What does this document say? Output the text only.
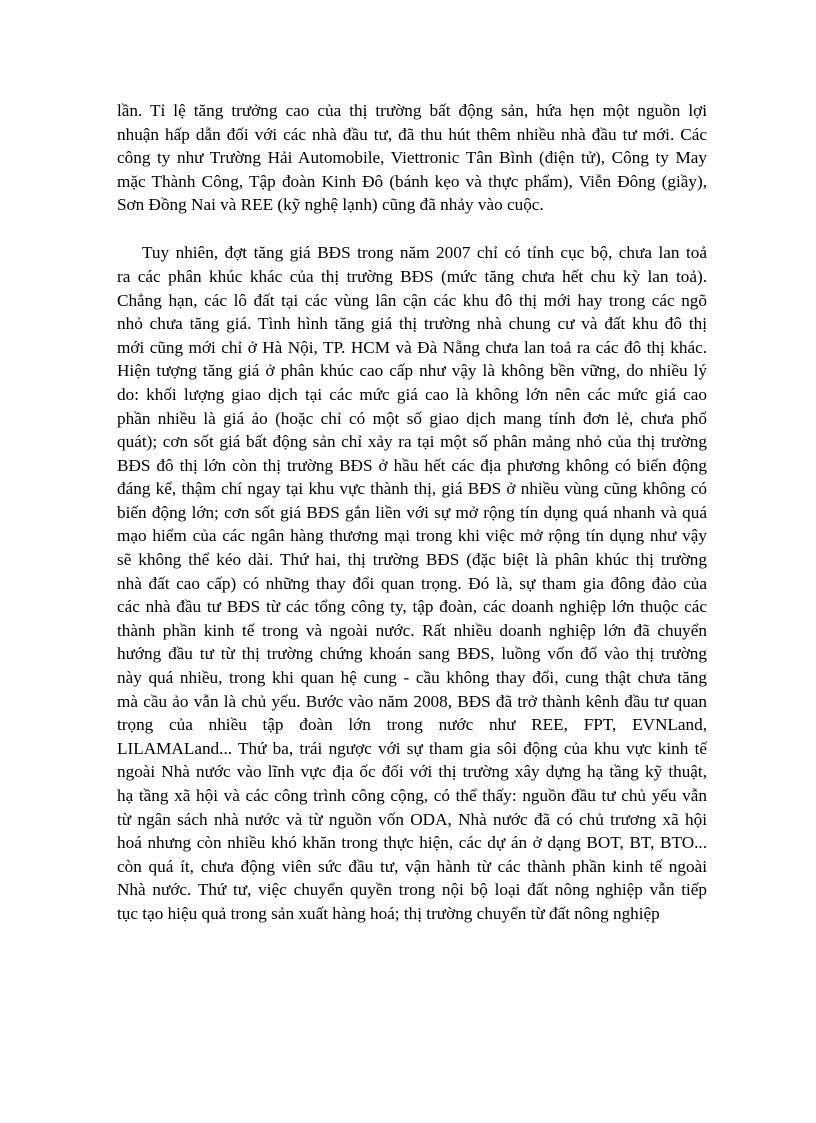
lần. Tỉ lệ tăng trưởng cao của thị trường bất động sản, hứa hẹn một nguồn lợi
nhuận hấp dẫn đối với các nhà đầu tư, đã thu hút thêm nhiều nhà đầu tư mới. Các
công ty như Trường Hải Automobile, Viettronic Tân Bình (điện tử), Công ty May
mặc Thành Công, Tập đoàn Kinh Đô (bánh kẹo và thực phẩm), Viễn Đông (giầy),
Sơn Đồng Nai và REE (kỹ nghệ lạnh) cũng đã nhảy vào cuộc.
Tuy nhiên, đợt tăng giá BĐS trong năm 2007 chỉ có tính cục bộ, chưa lan toả
ra các phân khúc khác của thị trường BĐS (mức tăng chưa hết chu kỳ lan toả).
Chẳng hạn, các lô đất tại các vùng lân cận các khu đô thị mới hay trong các ngõ
nhỏ chưa tăng giá. Tình hình tăng giá thị trường nhà chung cư và đất khu đô thị
mới cũng mới chỉ ở Hà Nội, TP. HCM và Đà Nẵng chưa lan toả ra các đô thị khác.
Hiện tượng tăng giá ở phân khúc cao cấp như vậy là không bền vững, do nhiều lý
do: khối lượng giao dịch tại các mức giá cao là không lớn nên các mức giá cao
phần nhiều là giá ảo (hoặc chỉ có một số giao dịch mang tính đơn lẻ, chưa phổ
quát); cơn sốt giá bất động sản chỉ xảy ra tại một số phân mảng nhỏ của thị trường
BĐS đô thị lớn còn thị trường BĐS ở hầu hết các địa phương không có biến động
đáng kể, thậm chí ngay tại khu vực thành thị, giá BĐS ở nhiều vùng cũng không có
biến động lớn; cơn sốt giá BĐS gắn liền với sự mở rộng tín dụng quá nhanh và quá
mạo hiểm của các ngân hàng thương mại trong khi việc mở rộng tín dụng như vậy
sẽ không thể kéo dài. Thứ hai, thị trường BĐS (đặc biệt là phân khúc thị trường
nhà đất cao cấp) có những thay đổi quan trọng. Đó là, sự tham gia đông đảo của
các nhà đầu tư BĐS từ các tổng công ty, tập đoàn, các doanh nghiệp lớn thuộc các
thành phần kinh tế trong và ngoài nước. Rất nhiều doanh nghiệp lớn đã chuyển
hướng đầu tư từ thị trường chứng khoán sang BĐS, luồng vốn đổ vào thị trường
này quá nhiều, trong khi quan hệ cung - cầu không thay đổi, cung thật chưa tăng
mà cầu ảo vẫn là chủ yếu. Bước vào năm 2008, BĐS đã trở thành kênh đầu tư quan
trọng của nhiều tập đoàn lớn trong nước như REE, FPT, EVNLand,
LILAMALand... Thứ ba, trái ngược với sự tham gia sôi động của khu vực kinh tế
ngoài Nhà nước vào lĩnh vực địa ốc đối với thị trường xây dựng hạ tầng kỹ thuật,
hạ tầng xã hội và các công trình công cộng, có thể thấy: nguồn đầu tư chủ yếu vẫn
từ ngân sách nhà nước và từ nguồn vốn ODA, Nhà nước đã có chủ trương xã hội
hoá nhưng còn nhiều khó khăn trong thực hiện, các dự án ở dạng BOT, BT, BTO...
còn quá ít, chưa động viên sức đầu tư, vận hành từ các thành phần kinh tế ngoài
Nhà nước. Thứ tư, việc chuyển quyền trong nội bộ loại đất nông nghiệp vẫn tiếp
tục tạo hiệu quả trong sản xuất hàng hoá; thị trường chuyển từ đất nông nghiệp
